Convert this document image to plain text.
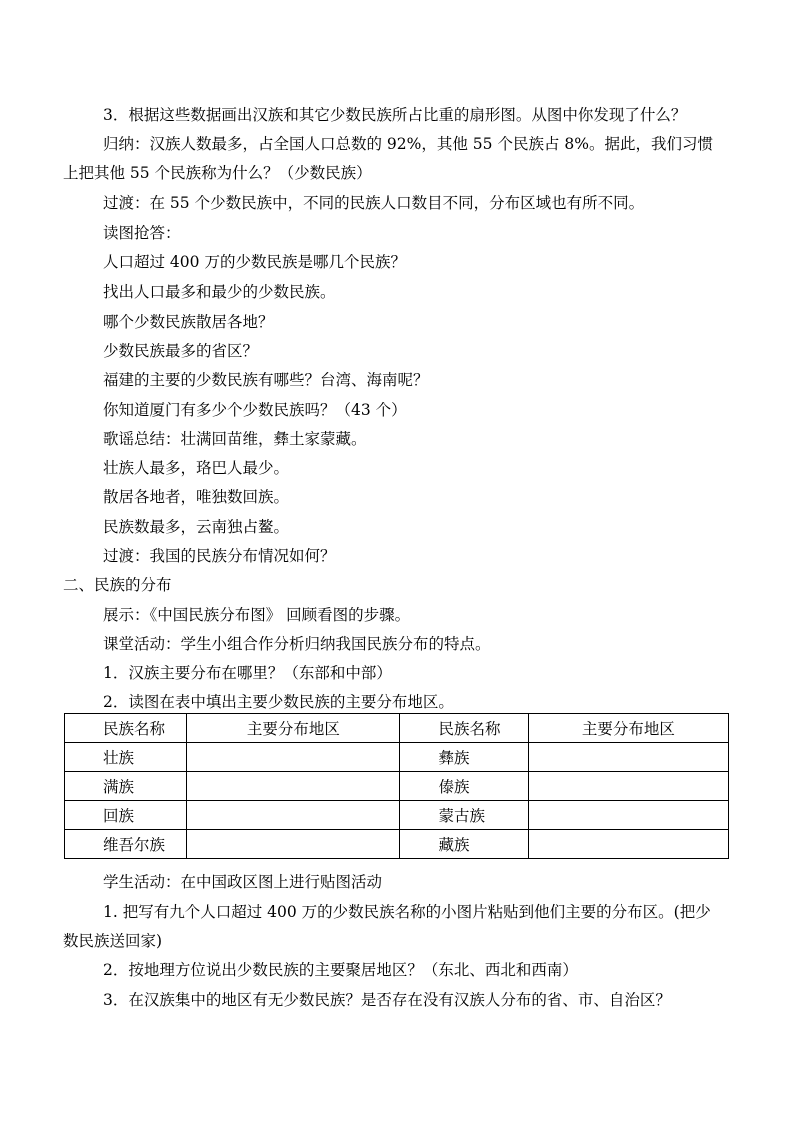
3．根据这些数据画出汉族和其它少数民族所占比重的扇形图。从图中你发现了什么？
归纳：汉族人数最多，占全国人口总数的 92%，其他 55 个民族占 8%。据此，我们习惯
上把其他 55 个民族称为什么？（少数民族）
过渡：在 55 个少数民族中，不同的民族人口数目不同，分布区域也有所不同。
读图抢答：
人口超过 400 万的少数民族是哪几个民族？
找出人口最多和最少的少数民族。
哪个少数民族散居各地？
少数民族最多的省区？
福建的主要的少数民族有哪些？台湾、海南呢？
你知道厦门有多少个少数民族吗？（43 个）
歌谣总结：壮满回苗维，彝土家蒙藏。
壮族人最多，珞巴人最少。
散居各地者，唯独数回族。
民族数最多，云南独占鳌。
过渡：我国的民族分布情况如何？
二、民族的分布
展示：《中国民族分布图》 回顾看图的步骤。
课堂活动：学生小组合作分析归纳我国民族分布的特点。
1．汉族主要分布在哪里？（东部和中部）
2．读图在表中填出主要少数民族的主要分布地区。
民族名称	主要分布地区	民族名称	主要分布地区
壮族		彝族	
满族		傣族	
回族		蒙古族	
维吾尔族		藏族	
学生活动：在中国政区图上进行贴图活动
1. 把写有九个人口超过 400 万的少数民族名称的小图片粘贴到他们主要的分布区。(把少
数民族送回家)
2．按地理方位说出少数民族的主要聚居地区？（东北、西北和西南）
3．在汉族集中的地区有无少数民族？是否存在没有汉族人分布的省、市、自治区？
